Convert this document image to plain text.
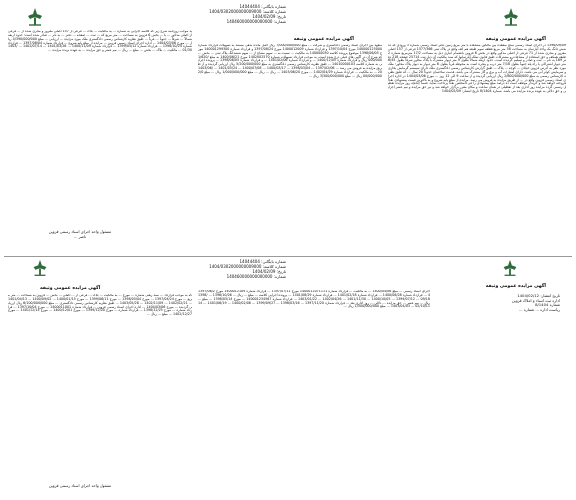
شماره بایگانی: 14044404
شماره کلاسه: 1404/0302000000009000
تاریخ: 1404/02/09
شماره: 140460000000000000
آگهی مزایده عمومی وثیقه
آگهی مزایده عمومی وثیقه

1396/09/09 در اجرای اسناد رسمی منتج منعقده بین مالکین مشاهده با متر مربع زمین دفتر اسناد رسمی شماره 3 ورودی که ده شش دانگ یک واحد آپارتمان به مساحت 58 متر مربع قطعه سوم طبقه هم کف واقع در پلاک ثبتی 1577/366 فرعی از 157 اصلی مفروز و مجزی شده از 71 فرعی از اصلی مذکور واقع در بخش 6 قزوین بانضمام انباری ذیل به مساحت 17/2 مترمربع شماره 2 طبقه همکف و حق استفاده از مشاعات و مشترکات طبق قانون تملک آپارتمانها که سند مالکیت آن ذیل ثبت 25714 صفحه 218 دفتر 169 به نام ... ثبت و صادر و تسلیم گردیده است. حدود اربعه شمالاً بطول 9 متر دیوار مشترک با پلاک مجاور شرقاً بطول 6/45 متر دیوار اشتراکی با راه پله جنوباً بطول 7/18 متر درب و پنجره است به محوطه غرباً بطول 6 متر دیوار به دیوار پلاک مجاور؛ ملک مورد نظر به آدرس قزوین خیابان ... کوچه ... پلاک ... طبق گزارش کارشناس رسمی دادگستری ملک دارای سیستم گرمایش بخاری و سرمایش کولر آبی می باشد، دارای امتیازات آب و برق و گاز مشترک می باشد، قدمت ساختمان حدوداً 20 سال ... که طبق نظریه کارشناس رسمی به مبلغ 2/800/000/000 ریال ارزیابی گردیده و از ساعت 9 الی 12 روز ... مورخ 1404/03/06 در اداره اجرای اسناد رسمی قزوین واقع در ... از طریق مزایده به فروش می رسد. مزایده از مبلغ پایه شروع و به بالاترین قیمت پیشنهادی نقداً فروخته خواهد شد و خریدار موظف است ده درصد مبلغ پیشنهادی را فی المجلس نقداً پرداخت نماید. ضمناً چنانچه روز مزایده تعطیل رسمی گردد مزایده روز اداری بعد از تعطیلی در همان ساعت و مکان مقرر برگزار خواهد شد و نیز حق مزایده و نیم عشر اجرایی و حق دلالی به عهده برنده مزایده می باشد. شماره 8/1404 تاریخ انتشار: 1404/02/09

متعهد بین اجرای اسناد رسمی دادگستری و شرکت ... مبلغ 7/000/000/000 ریال اصل مانده بدهی مستند به تسهیلات قرارداد شماره 140000125000 مورخ 1397/10/04 و قرارداد شماره 1400012009 مورخ 1397/08/24 و قرارداد شماره 140001299300 مورخ 1398/06/05 موضوع پرونده کلاسه 140000030 به مالکیت ... نسبت به ... سهم مشاع از ... سهم ششدانگ پلاک ثبتی ... بخش ... که شرح آن در آگهی های قبلی درج شده است، به موجب قرارداد تسهیلات شماره 1402002570 مورخ 1400/06/21 به مبلغ 1/620/000/000 ریال و قرارداد شماره 1400/12/05 ... و قرارداد شماره 1401/02/06 ... و قرارداد شماره 1398/06/05 ... پرونده اجرایی به شماره کلاسه 14010000103 ... طبق نظریه کارشناس رسمی دادگستری به مبلغ 5/200/000/000 ریال ارزیابی گردیده و از طریق مزایده به فروش می رسد ... 1397/02/06 ... 1398/03/04 ... 1400/03/17 ... 1400/07/08 ... 1401/05/24 ... 1403/06/20 ... به مالکیت ... قرارداد شماره 1402/04/29 ... مورخ 1403/06/20 ... ریال ... ریال ... مبلغ 1/000/000/000 ریال ... مبلغ 2/000/000/000 ریال ... مبلغ 3/300/000/000 ریال ...

ید موجب روزنامه شرح زیر که کلاسه اجرایی به شماره ... به مالکیت ... بلاک ... فرعی از 157 اصلی مفروز و مجزی شده از ... فرعی از اصلی مذکور ... با ... بخش 6 قزوین به مساحت ... متر مربع که ... ثبت ... صفحه ... دفتر ... به نام ... صادر شده است؛ حدود اربعه شمالاً ... شرقاً ... جنوباً ... غرباً ... طبق نظریه کارشناس رسمی دادگستری ملک مورد مزایده ... ارزیابی ... مبلغ 4/390/000/000 ریال ... مورخ 1404/03/06 ... اداره اجرای اسناد رسمی قزوین ... مزایده از مبلغ پایه شروع ... قرارداد شماره 1397/08/04 ... قرارداد شماره 1398/10/24 ... قرارداد شماره 1399/05/12 ... قرارداد شماره 1400/11/09 ... 1401/03/26 ... 1402/07/14 ... 1403/01/30 ... مالکیت ... بلاک ... بخش ... مبلغ ... ریال ... نیم عشر و حق مزایده ... به عهده برنده مزایده ...

مسئول واحد اجرای اسناد رسمی قزوین
ناصر ...
شماره بایگانی: 14044404
شماره کلاسه: 1404/0302000000009000
تاریخ: 1404/02/09
شماره: 140460000000000000
آگهی مزایده عمومی وثیقه	آگهی مزایده عمومی وثیقه
تاریخ انتشار: 1404/02/12
اداره ثبت اسناد و املاک قزوین
شماره 8/1404
ریاست اداره ... شماره ...

اجرای اسناد رسمی ... مبلغ 1400/04/06 ... به مالکیت ... قرارداد شماره 1400012071111 مورخ 1397/07/11 ... قرارداد شماره 1400012109 مورخ 1397/06/24 ... قرارداد شماره 1400/06/28 ... قرارداد شماره 1401/02/18 ... قرارداد شماره 1401/08/29 ... پرونده اجرایی کلاسه ... مبلغ ... ریال ... 1396/10/26 ... 1398/09/18 ... 1399/07/12 ... 1400/10/05 ... 1401/11/30 ... 1402/04/26 ... 1403/01/22 ... قرارداد شماره 140001234567 ... مورخ 1398/05/14 ... مبلغ ... ریال ... نیم عشر ... حق مزایده ... دلالی ... روز اداری بعد ... قرارداد شماره 1397/11/20 ... 1398/03/16 ... 1399/09/27 ... 1400/02/08 ... 1401/06/19 ... 1402/10/11 ... 1403/04/03 ... مبلغ 1/500/000/000 ریال ...

که به موجب قرارداد ... سند رهنی شماره ... مورخ ... به مالکیت ... بلاک ... فرعی از ... اصلی ... بخش ... قزوین به مساحت ... متر مربع ... مورخ 1397/04/24 ... مورخ 1398/05/04 ... مورخ 1399/06/11 ... مورخ 1400/01/15 ... 1400/09/02 ... 1401/04/13 ... 1402/02/21 ... 1402/11/09 ... 1403/05/28 ... طبق نظریه کارشناس رسمی دادگستری ... مبلغ 6/100/000/000 ریال ارزیابی گردیده ... مورخ 1404/03/06 ... اداره اجرای اسناد رسمی قزوین ... قرارداد شماره 1400011001 ... مورخ 1397/10/04 ... قرارداد شماره ... مورخ 1398/12/25 ... قرارداد شماره ... مورخ 1399/12/20 ... مورخ 1400/12/01 ... مورخ 1401/12/14 ... مورخ 1402/12/27 ... مبلغ ... ریال ...

مسئول واحد اجرای اسناد رسمی قزوین
